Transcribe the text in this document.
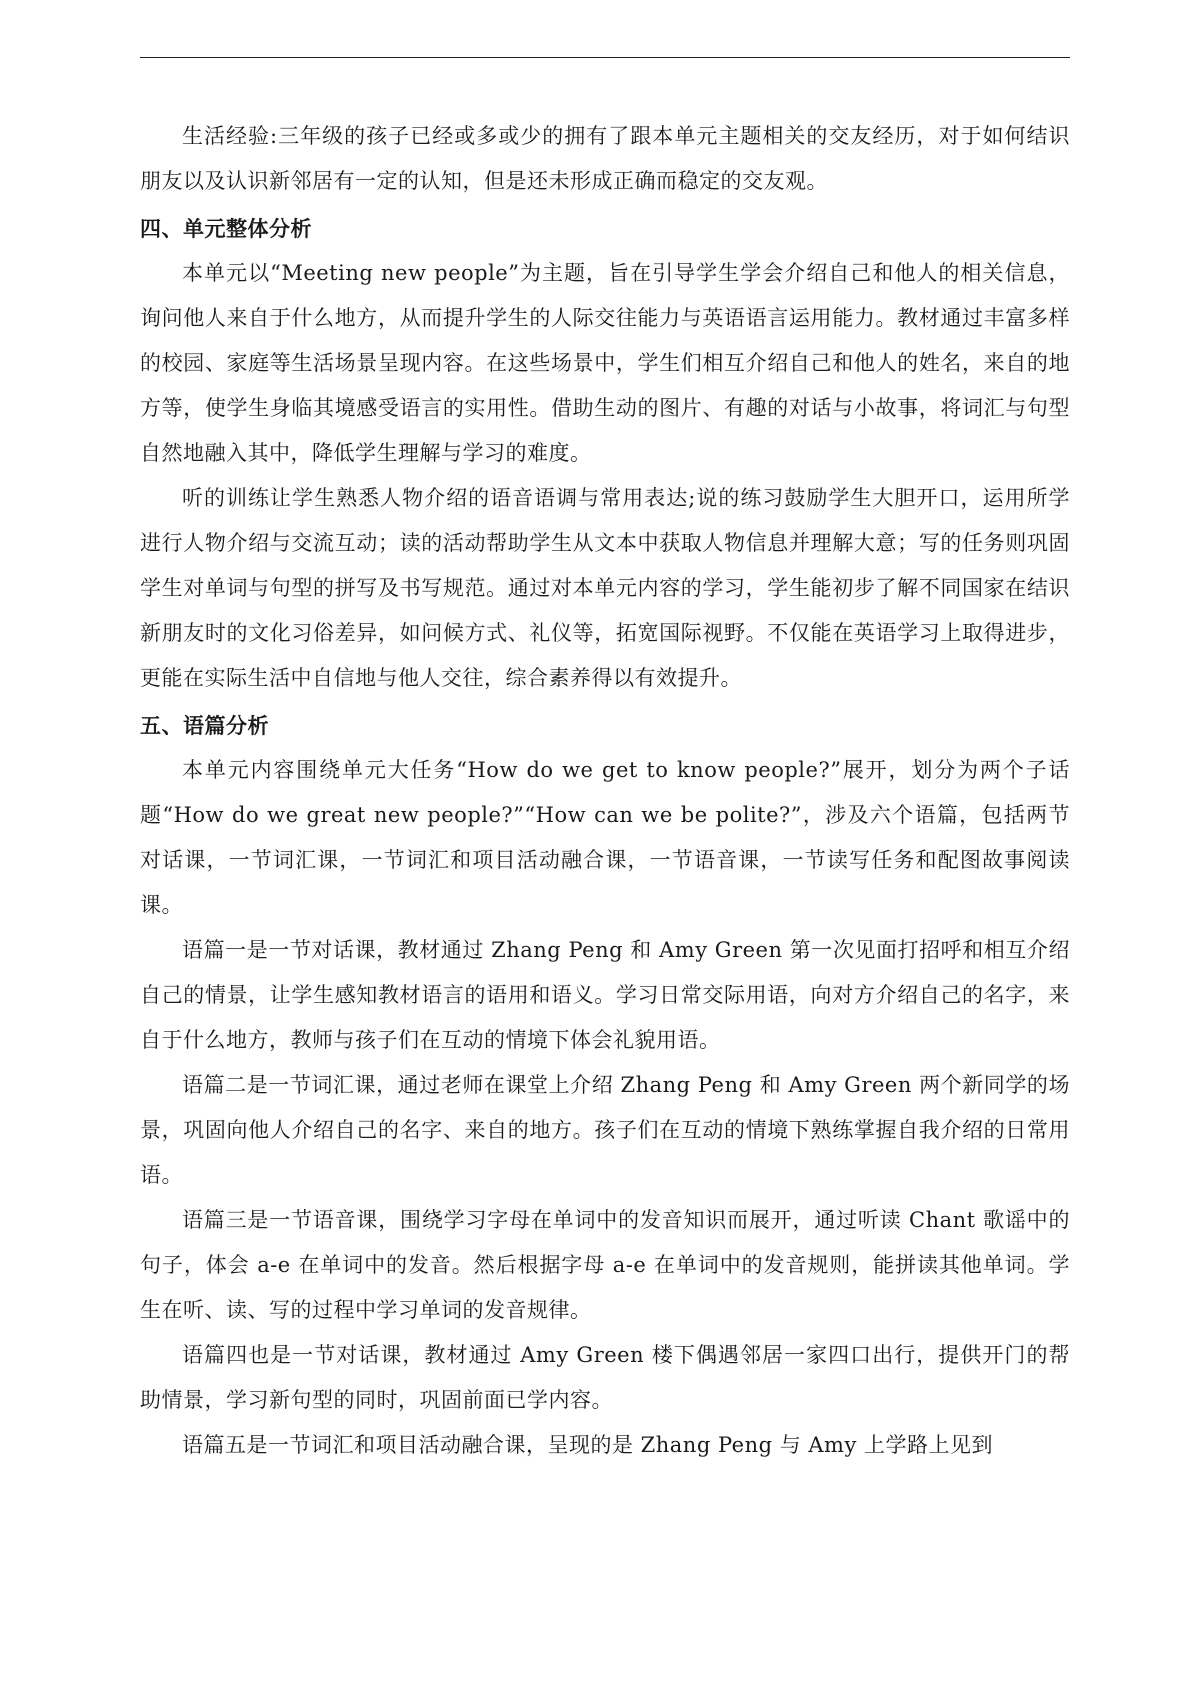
生活经验:三年级的孩子已经或多或少的拥有了跟本单元主题相关的交友经历，对于如何结识朋友以及认识新邻居有一定的认知，但是还未形成正确而稳定的交友观。

四、单元整体分析

本单元以“Meeting new people”为主题，旨在引导学生学会介绍自己和他人的相关信息，询问他人来自于什么地方，从而提升学生的人际交往能力与英语语言运用能力。教材通过丰富多样的校园、家庭等生活场景呈现内容。在这些场景中，学生们相互介绍自己和他人的姓名，来自的地方等，使学生身临其境感受语言的实用性。借助生动的图片、有趣的对话与小故事，将词汇与句型自然地融入其中，降低学生理解与学习的难度。

听的训练让学生熟悉人物介绍的语音语调与常用表达;说的练习鼓励学生大胆开口，运用所学进行人物介绍与交流互动；读的活动帮助学生从文本中获取人物信息并理解大意；写的任务则巩固学生对单词与句型的拼写及书写规范。通过对本单元内容的学习，学生能初步了解不同国家在结识新朋友时的文化习俗差异，如问候方式、礼仪等，拓宽国际视野。不仅能在英语学习上取得进步，更能在实际生活中自信地与他人交往，综合素养得以有效提升。

五、语篇分析

本单元内容围绕单元大任务“How do we get to know people?”展开，划分为两个子话题“How do we great new people?”“How can we be polite?”，涉及六个语篇，包括两节对话课，一节词汇课，一节词汇和项目活动融合课，一节语音课，一节读写任务和配图故事阅读课。

语篇一是一节对话课，教材通过 Zhang Peng 和 Amy Green 第一次见面打招呼和相互介绍自己的情景，让学生感知教材语言的语用和语义。学习日常交际用语，向对方介绍自己的名字，来自于什么地方，教师与孩子们在互动的情境下体会礼貌用语。

语篇二是一节词汇课，通过老师在课堂上介绍 Zhang Peng 和 Amy Green 两个新同学的场景，巩固向他人介绍自己的名字、来自的地方。孩子们在互动的情境下熟练掌握自我介绍的日常用语。

语篇三是一节语音课，围绕学习字母在单词中的发音知识而展开，通过听读 Chant 歌谣中的句子，体会 a-e 在单词中的发音。然后根据字母 a-e 在单词中的发音规则，能拼读其他单词。学生在听、读、写的过程中学习单词的发音规律。

语篇四也是一节对话课，教材通过 Amy Green 楼下偶遇邻居一家四口出行，提供开门的帮助情景，学习新句型的同时，巩固前面已学内容。

语篇五是一节词汇和项目活动融合课，呈现的是 Zhang Peng 与 Amy 上学路上见到
